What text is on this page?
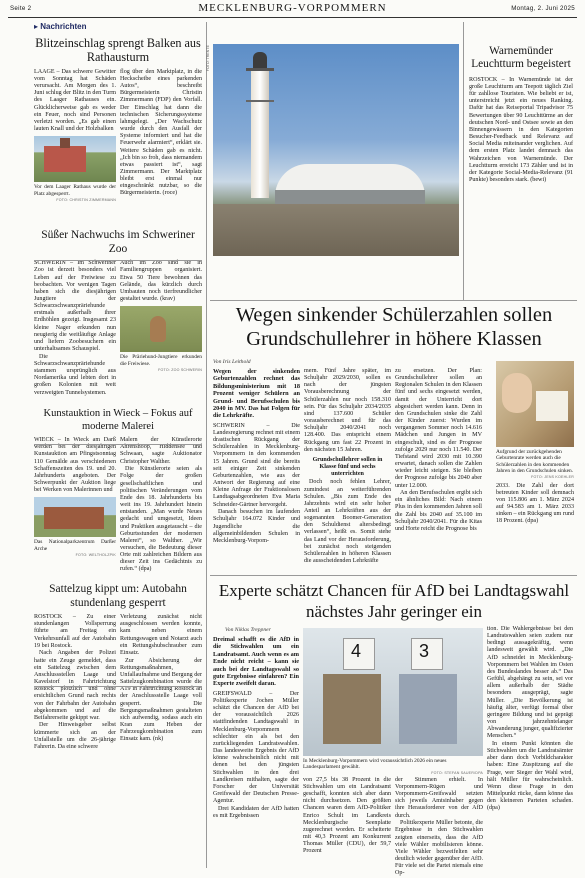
Seite 2	MECKLENBURG-VORPOMMERN	Montag, 2. Juni 2025
▸ Nachrichten
Blitzeinschlag sprengt Balken aus Rathausturm

LAAGE – Das schwere Gewitter vom Sonntag hat Schäden verursacht. Am Morgen des 1. Juni schlug der Blitz in den Turm des Laager Rathauses ein. Glücklicherweise gab es weder ein Feuer, noch sind Personen verletzt worden. „Es gab einen lauten Knall und der Holzbalken

Vor dem Laager Rathaus wurde der Platz abgesperrt.
FOTO: CHRISTIN ZIMMERMANN

flog über den Marktplatz, in die Heckscheibe eines parkenden Autos“, beschreibt Bürgermeisterin Christin Zimmermann (FDP) den Vorfall. Der Einschlag hat dann die technischen Sicherungssysteme lahmgelegt. „Der Wachschutz wurde durch den Ausfall der Systeme informiert und hat die Feuerwehr alarmiert“, erklärt sie. Weitere Schäden gab es nicht. „Ich bin so froh, dass niemandem etwas passiert ist“, sagt Zimmermann. Der Marktplatz bleibt erst einmal nur eingeschränkt nutzbar, so die Bürgermeisterin. (roce)

Süßer Nachwuchs im Schweriner Zoo

SCHWERIN – Im Schweriner Zoo ist derzeit besonders viel Leben auf der Freiwiese zu beobachten. Vor wenigen Tagen haben sich die diesjährigen Jungtiere der Schwarzschwanzpräriehunde erstmals außerhalb ihrer Erdhöhlen gezeigt. Insgesamt 23 kleine Nager erkunden nun neugierig die weitläufige Anlage und liefern Zoobesuchern ein unterhaltsames Schauspiel.

Die Schwarzschwanzpräriehunde stammen ursprünglich aus Nordamerika und lebten dort in großen Kolonien mit weit verzweigten Tunnelsystemen.

Auch im Zoo sind sie in Familiengruppen organisiert. Etwa 50 Tiere bewohnen das Gelände, das kürzlich durch Umbauten noch tierfreundlicher gestaltet wurde. (krav)

Die Präriehund-Jungtiere erkunden die Freiwiese.
FOTO: ZOO SCHWERIN
Kunstauktion in Wieck – Fokus auf moderne Malerei

WIECK – In Wieck am Darß werden bei der diesjährigen Kunstauktion am Pfingstsonntag 110 Gemälde aus verschiedenen Schaffenszeiten des 19. und 20. Jahrhunderts angeboten. Der Schwerpunkt der Auktion liege bei Werken von Malerinnen und

Das Nationalparkzentrum Darßer Arche
FOTO: WELTHOLZPIK

Malern der Künstlerorte Ahrenshoop, Hiddensee und Schwaan, sagte Auktionator Christopher Walther.

Die Künstlerorte seien als Folge der großen gesellschaftlichen und politischen Veränderungen vom Ende des 18. Jahrhunderts bis weit ins 19. Jahrhundert hinein entstanden. „Man wurde Neues gedacht und umgesetzt, Ideen und Praktiken ausgetauscht – die Geburtsstunden der modernen Malerei“, so Walther. „Wir versuchen, die Bedeutung dieser Orte mit zahlreichen Bildern aus dieser Zeit ins Gedächtnis zu rufen.“ (dpa)

Sattelzug kippt um: Autobahn stundenlang gesperrt

ROSTOCK – Zu einer stundenlangen Vollsperrung führte am Freitag ein Verkehrsunfall auf der Autobahn 19 bei Rostock.

Nach Angaben der Polizei hatte ein Zeuge gemeldet, dass ein Sattelzug zwischen dem Anschlussstellen Laage und Kavelstorf in Fahrtrichtung Rostock plötzlich und ohne ersichtlichen Grund nach rechts von der Fahrbahn der Autobahn abgekommen und auf die Beifahrerseite gekippt war.

Der Hinweisgeber selbst kümmerte sich an der Unfallstelle um die 26-jährige Fahrerin. Da eine schwere

Verletzung zunächst nicht ausgeschlossen werden konnte, kam neben einem Rettungswagen und Notarzt auch ein Rettungshubschrauber zum Einsatz.

Zur Absicherung der Rettungsmaßnahmen, Unfallaufnahme und Bergung der Sattelzugkombination wurde die A19 in Fahrtrichtung Rostock an der Anschlussstelle Laage voll gesperrt. Die Bergungsmaßnahmen gestalteten sich aufwendig, sodass auch ein Kran zum Heben der Fahrzeugkombination zum Einsatz kam. (nk)

FOTO: TRENTE	Warnemünder Leuchtturm begeistert

ROSTOCK – In Warnemünde ist der große Leuchtturm am Teepott täglich Ziel für zahllose Touristen. Wie beliebt er ist, unterstreicht jetzt ein neues Ranking. Dafür hat das Reiseportal Tripadvisor 75 Bewertungen über 90 Leuchttürme an der deutschen Nord- und Ostsee sowie an den Binnengewässern in den Kategorien Besucher-Feedback und Relevanz auf Social Media miteinander verglichen. Auf dem ersten Platz landet demnach das Wahrzeichen von Warnemünde. Der Leuchtturm erreicht 173 Zähler und ist in der Kategorie Social-Media-Relevanz (91 Punkte) besonders stark. (bewi)

Wegen sinkender Schülerzahlen sollen Grundschullehrer in höhere Klassen
Von Iris Leithold
Wegen der sinkenden Geburtenzahlen rechnet das Bildungsministerium mit 18 Prozent weniger Schülern an Grund- und Berufsschulen bis 2040 in MV. Das hat Folgen für die Lehrkräfte.

SCHWERIN – Die Landesregierung rechnet mit einem drastischen Rückgang der Schülerzahlen in Mecklenburg-Vorpommern in den kommenden 15 Jahren. Grund sind die bereits seit einiger Zeit sinkenden Geburtenzahlen, wie aus der Antwort der Regierung auf eine Kleine Anfrage der Fraktionslosen Landtagsabgeordneten Eva Maria Schneider-Gärtner hervorgeht.

Danach besuchen im laufenden Schuljahr 164.072 Kinder und Jugendliche die allgemeinbildenden Schulen in Mecklenburg-Vorpom-

mern. Fünf Jahre später, im Schuljahr 2029/2030, sollen es nach der jüngsten Vorausberechnung der Schülerzahlen nur noch 158.310 sein. Für das Schuljahr 2034/2035 sind 137.600 Schüler vorausberechnet und für das Schuljahr 2040/2041 noch 128.400. Das entspricht einem Rückgang um fast 22 Prozent in den nächsten 15 Jahren.

Grundschullehrer sollen in Klasse fünf und sechs unterrichten

Doch noch fehlen Lehrer, zumindest an weiterführenden Schulen. „Bis zum Ende des Jahrzehnts wird ein sehr hoher Anteil an Lehrkräften aus der sogenannten Boomer-Generation den Schuldienst altersbedingt verlassen“, heißt es. Somit stehe das Land vor der Herausforderung, bei zunächst noch steigenden Schülerzahlen in höheren Klassen die ausscheidenden Lehrkräfte

zu ersetzen. Der Plan: Grundschullehrer sollen an Regionalen Schulen in den Klassen fünf und sechs eingesetzt werden, damit der Unterricht dort abgesichert werden kann. Denn in den Grundschulen sinke die Zahl der Kinder zuerst: Wurden im vergangenen Sommer noch 14.616 Mädchen und Jungen in MV eingeschult, sind es der Prognose zufolge 2029 nur noch 11.540. Der Tiefstand wird 2030 mit 10.390 erwartet, danach sollen die Zahlen wieder leicht steigen. Sie bleiben der Prognose zufolge bis 2040 aber unter 12.000.

An den Berufsschulen ergibt sich ein ähnliches Bild: Nach einem Plus in den kommenden Jahren soll die Zahl bis 2040 auf 35.100 im Schuljahr 2040/2041. Für die Kitas und Horte reicht die Prognose bis

Aufgrund der zurückgehenden Geburtenrate werden auch die Schülerzahlen in den kommenden Jahren in den Grundschulen sinken.
FOTO: JENS KOEHLER

2033. Die Zahl der dort betreuten Kinder soll demnach von 115.806 am 1. März 2024 auf 94.583 am 1. März 2033 sinken – ein Rückgang um rund 18 Prozent. (dpa)

Experte schätzt Chancen für AfD bei Landtagswahl nächstes Jahr geringer ein
Von Niklas Treppner
Dreimal schafft es die AfD in die Stichwahlen um ein Landratsamt. Auch wenn es am Ende nicht reicht – kann sie auch bei der Landtagswahl so gute Ergebnisse einfahren? Ein Experte zweifelt daran.

GREIFSWALD – Der Politikexperte Jochen Müller schätzt die Chancen der AfD bei der voraussichtlich 2026 stattfindenden Landtagswahl in Mecklenburg-Vorpommern schlechter ein als bei den zurückliegenden Landratswahlen. Das landesweite Ergebnis der AfD könne wahrscheinlich nicht mit denen bei den jüngsten Stichwahlen in den drei Landkreisen mithalten, sagte der Forscher der Universität Greifswald der Deutschen Presse-Agentur.

Drei Kandidaten der AfD hatten es mit Ergebnissen

4	3
In Mecklenburg-Vorpommern wird voraussichtlich 2026 ein neues Landesparlament gewählt.
FOTO: STEFAN SAUER/DPA

von 27,5 bis 38 Prozent in die Stichwahlen um ein Landratsamt geschafft, konnten sich aber dann nicht durchsetzen. Den größten Chancen waren dem AfD-Politiker Enrico Schult im Landkreis Mecklenburgische Seenplatte zugerechnet worden. Er scheiterte mit 40,3 Prozent am Konkurrent Thomas Müller (CDU), der 59,7 Prozent

der Stimmen erhielt. In Vorpommern-Rügen und Vorpommern-Greifswald setzten sich jeweils Amtsinhaber gegen ihre Herausforderer von der AfD durch.

Politikexperte Müller betonte, die Ergebnisse in den Stichwahlen zeigten einerseits, dass die AfD viele Wähler mobilisieren könne. Viele Wähler bezweifelten sehr deutlich wieder gegenüber der AfD. Für viele sei die Partei niemals eine Op-

tion. Die Wahlergebnisse bei den Landratswahlen seien zudem nur bedingt aussagekräftig, wenn landesweit gewählt wird. „Die AfD schneidet in Mecklenburg-Vorpommern bei Wahlen im Osten des Bundeslandes besser ab.“ Das Gefühl, abgehängt zu sein, sei vor allem außerhalb der Städte besonders ausgeprägt, sagte Müller. „Die Bevölkerung ist häufig älter, verfügt formal über geringere Bildung und ist geprägt von jahrzehntelanger Abwanderung junger, qualifizierter Menschen.“

In einem Punkt könnten die Stichwahlen um die Landratsämter aber dann doch Vorbildcharakter haben: Eine Zuspitzung auf die Frage, wer Sieger der Wahl wird, hält Müller für wahrscheinlich. Wenn diese Frage in den Mittelpunkt rücke, dann könne das den kleineren Parteien schaden. (dpa)
